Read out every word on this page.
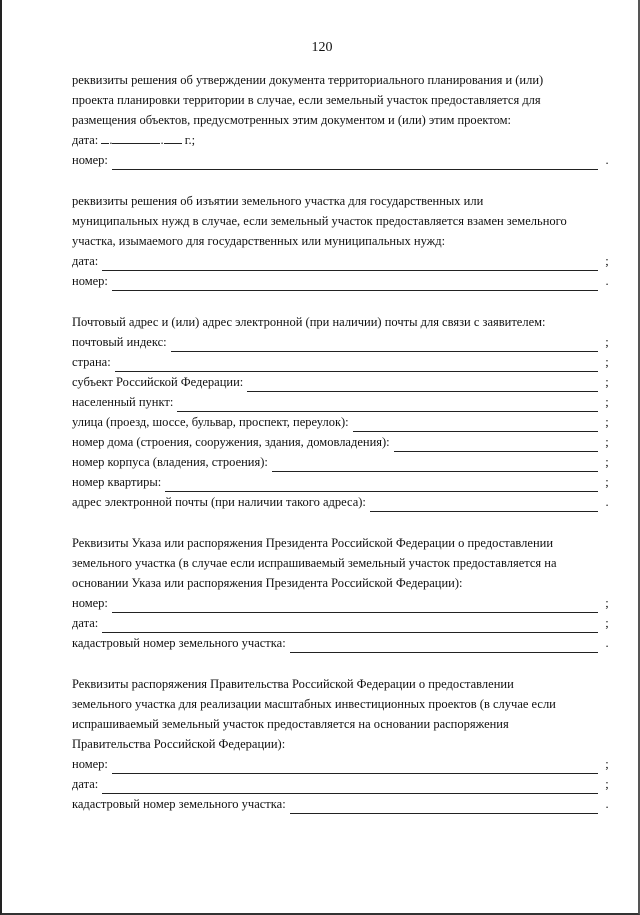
120

реквизиты решения об утверждении документа территориального планирования и (или)

проекта планировки территории в случае, если земельный участок предоставляется для

размещения объектов, предусмотренных этим документом и (или) этим проектом:

дата: .	. г.;
номер:	.

реквизиты решения об изъятии земельного участка для государственных или

муниципальных нужд в случае, если земельный участок предоставляется взамен земельного

участка, изымаемого для государственных или муниципальных нужд:

дата:	;
номер:	.

Почтовый адрес и (или) адрес электронной (при наличии) почты для связи с заявителем:

почтовый индекс:	;
страна:	;
субъект Российской Федерации:	;
населенный пункт:	;
улица (проезд, шоссе, бульвар, проспект, переулок):	;
номер дома (строения, сооружения, здания, домовладения):	;
номер корпуса (владения, строения):	;
номер квартиры:	;
адрес электронной почты (при наличии такого адреса):	.

Реквизиты Указа или распоряжения Президента Российской Федерации о предоставлении

земельного участка (в случае если испрашиваемый земельный участок предоставляется на

основании Указа или распоряжения Президента Российской Федерации):

номер:	;
дата:	;
кадастровый номер земельного участка:	.

Реквизиты распоряжения Правительства Российской Федерации о предоставлении

земельного участка для реализации масштабных инвестиционных проектов (в случае если

испрашиваемый земельный участок предоставляется на основании распоряжения

Правительства Российской Федерации):

номер:	;
дата:	;
кадастровый номер земельного участка:	.
